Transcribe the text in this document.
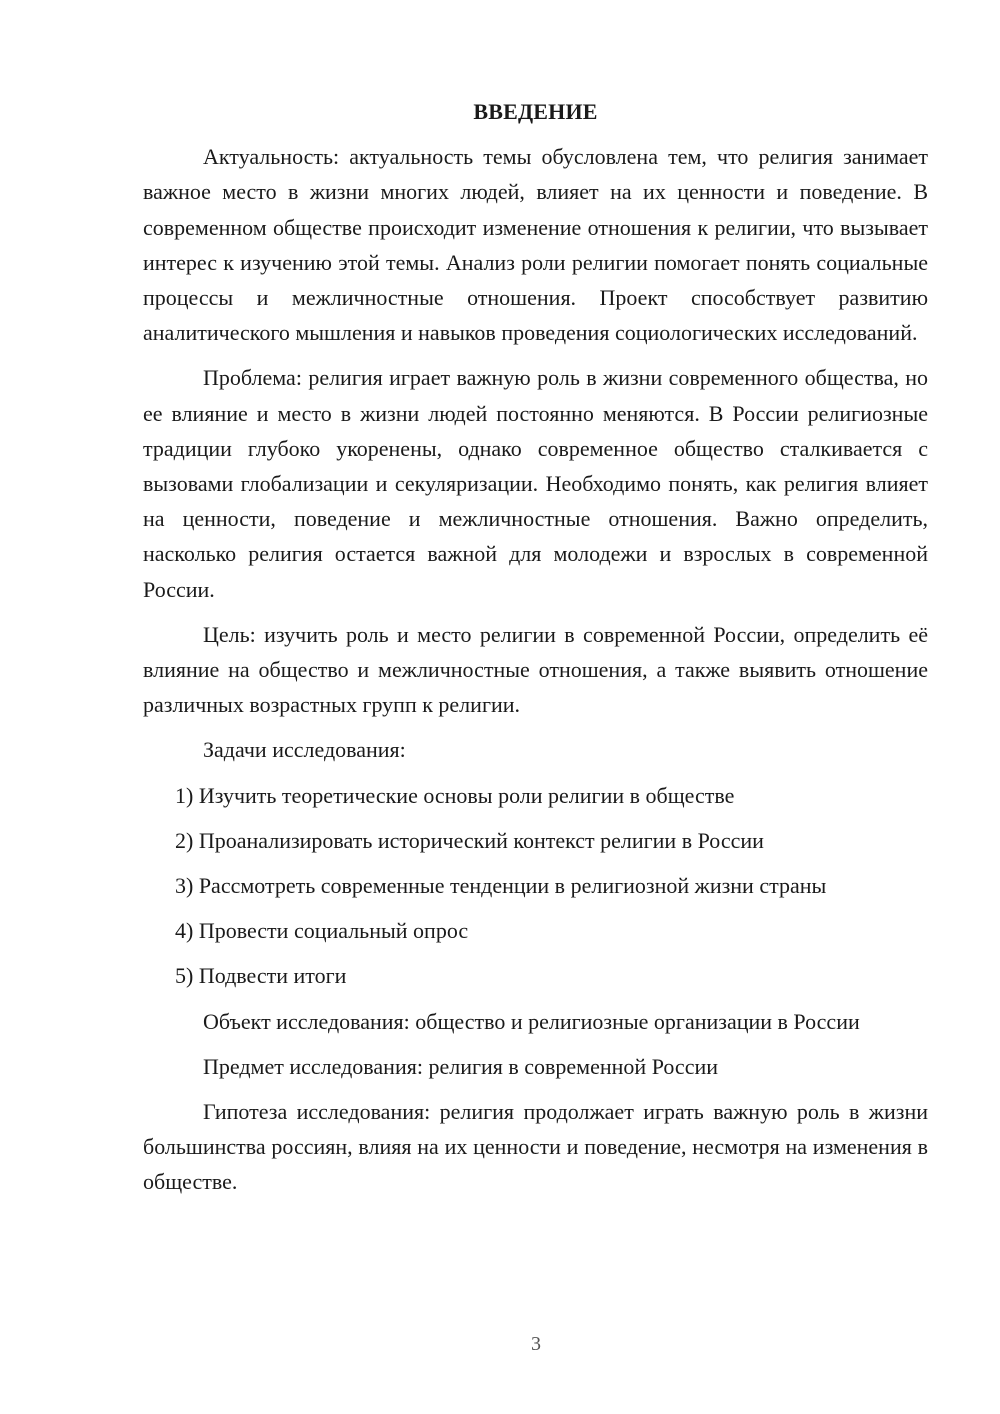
ВВЕДЕНИЕ

Актуальность: актуальность темы обусловлена тем, что религия занимает важное место в жизни многих людей, влияет на их ценности и поведение. В современном обществе происходит изменение отношения к религии, что вызывает интерес к изучению этой темы. Анализ роли религии помогает понять социальные процессы и межличностные отношения. Проект способствует развитию аналитического мышления и навыков проведения социологических исследований.

Проблема: религия играет важную роль в жизни современного общества, но ее влияние и место в жизни людей постоянно меняются. В России религиозные традиции глубоко укоренены, однако современное общество сталкивается с вызовами глобализации и секуляризации. Необходимо понять, как религия влияет на ценности, поведение и межличностные отношения. Важно определить, насколько религия остается важной для молодежи и взрослых в современной России.

Цель: изучить роль и место религии в современной России, определить её влияние на общество и межличностные отношения, а также выявить отношение различных возрастных групп к религии.

Задачи исследования:

1) Изучить теоретические основы роли религии в обществе
2) Проанализировать исторический контекст религии в России
3) Рассмотреть современные тенденции в религиозной жизни страны
4) Провести социальный опрос
5) Подвести итоги

Объект исследования: общество и религиозные организации в России

Предмет исследования: религия в современной России

Гипотеза исследования: религия продолжает играть важную роль в жизни большинства россиян, влияя на их ценности и поведение, несмотря на изменения в обществе.

3
